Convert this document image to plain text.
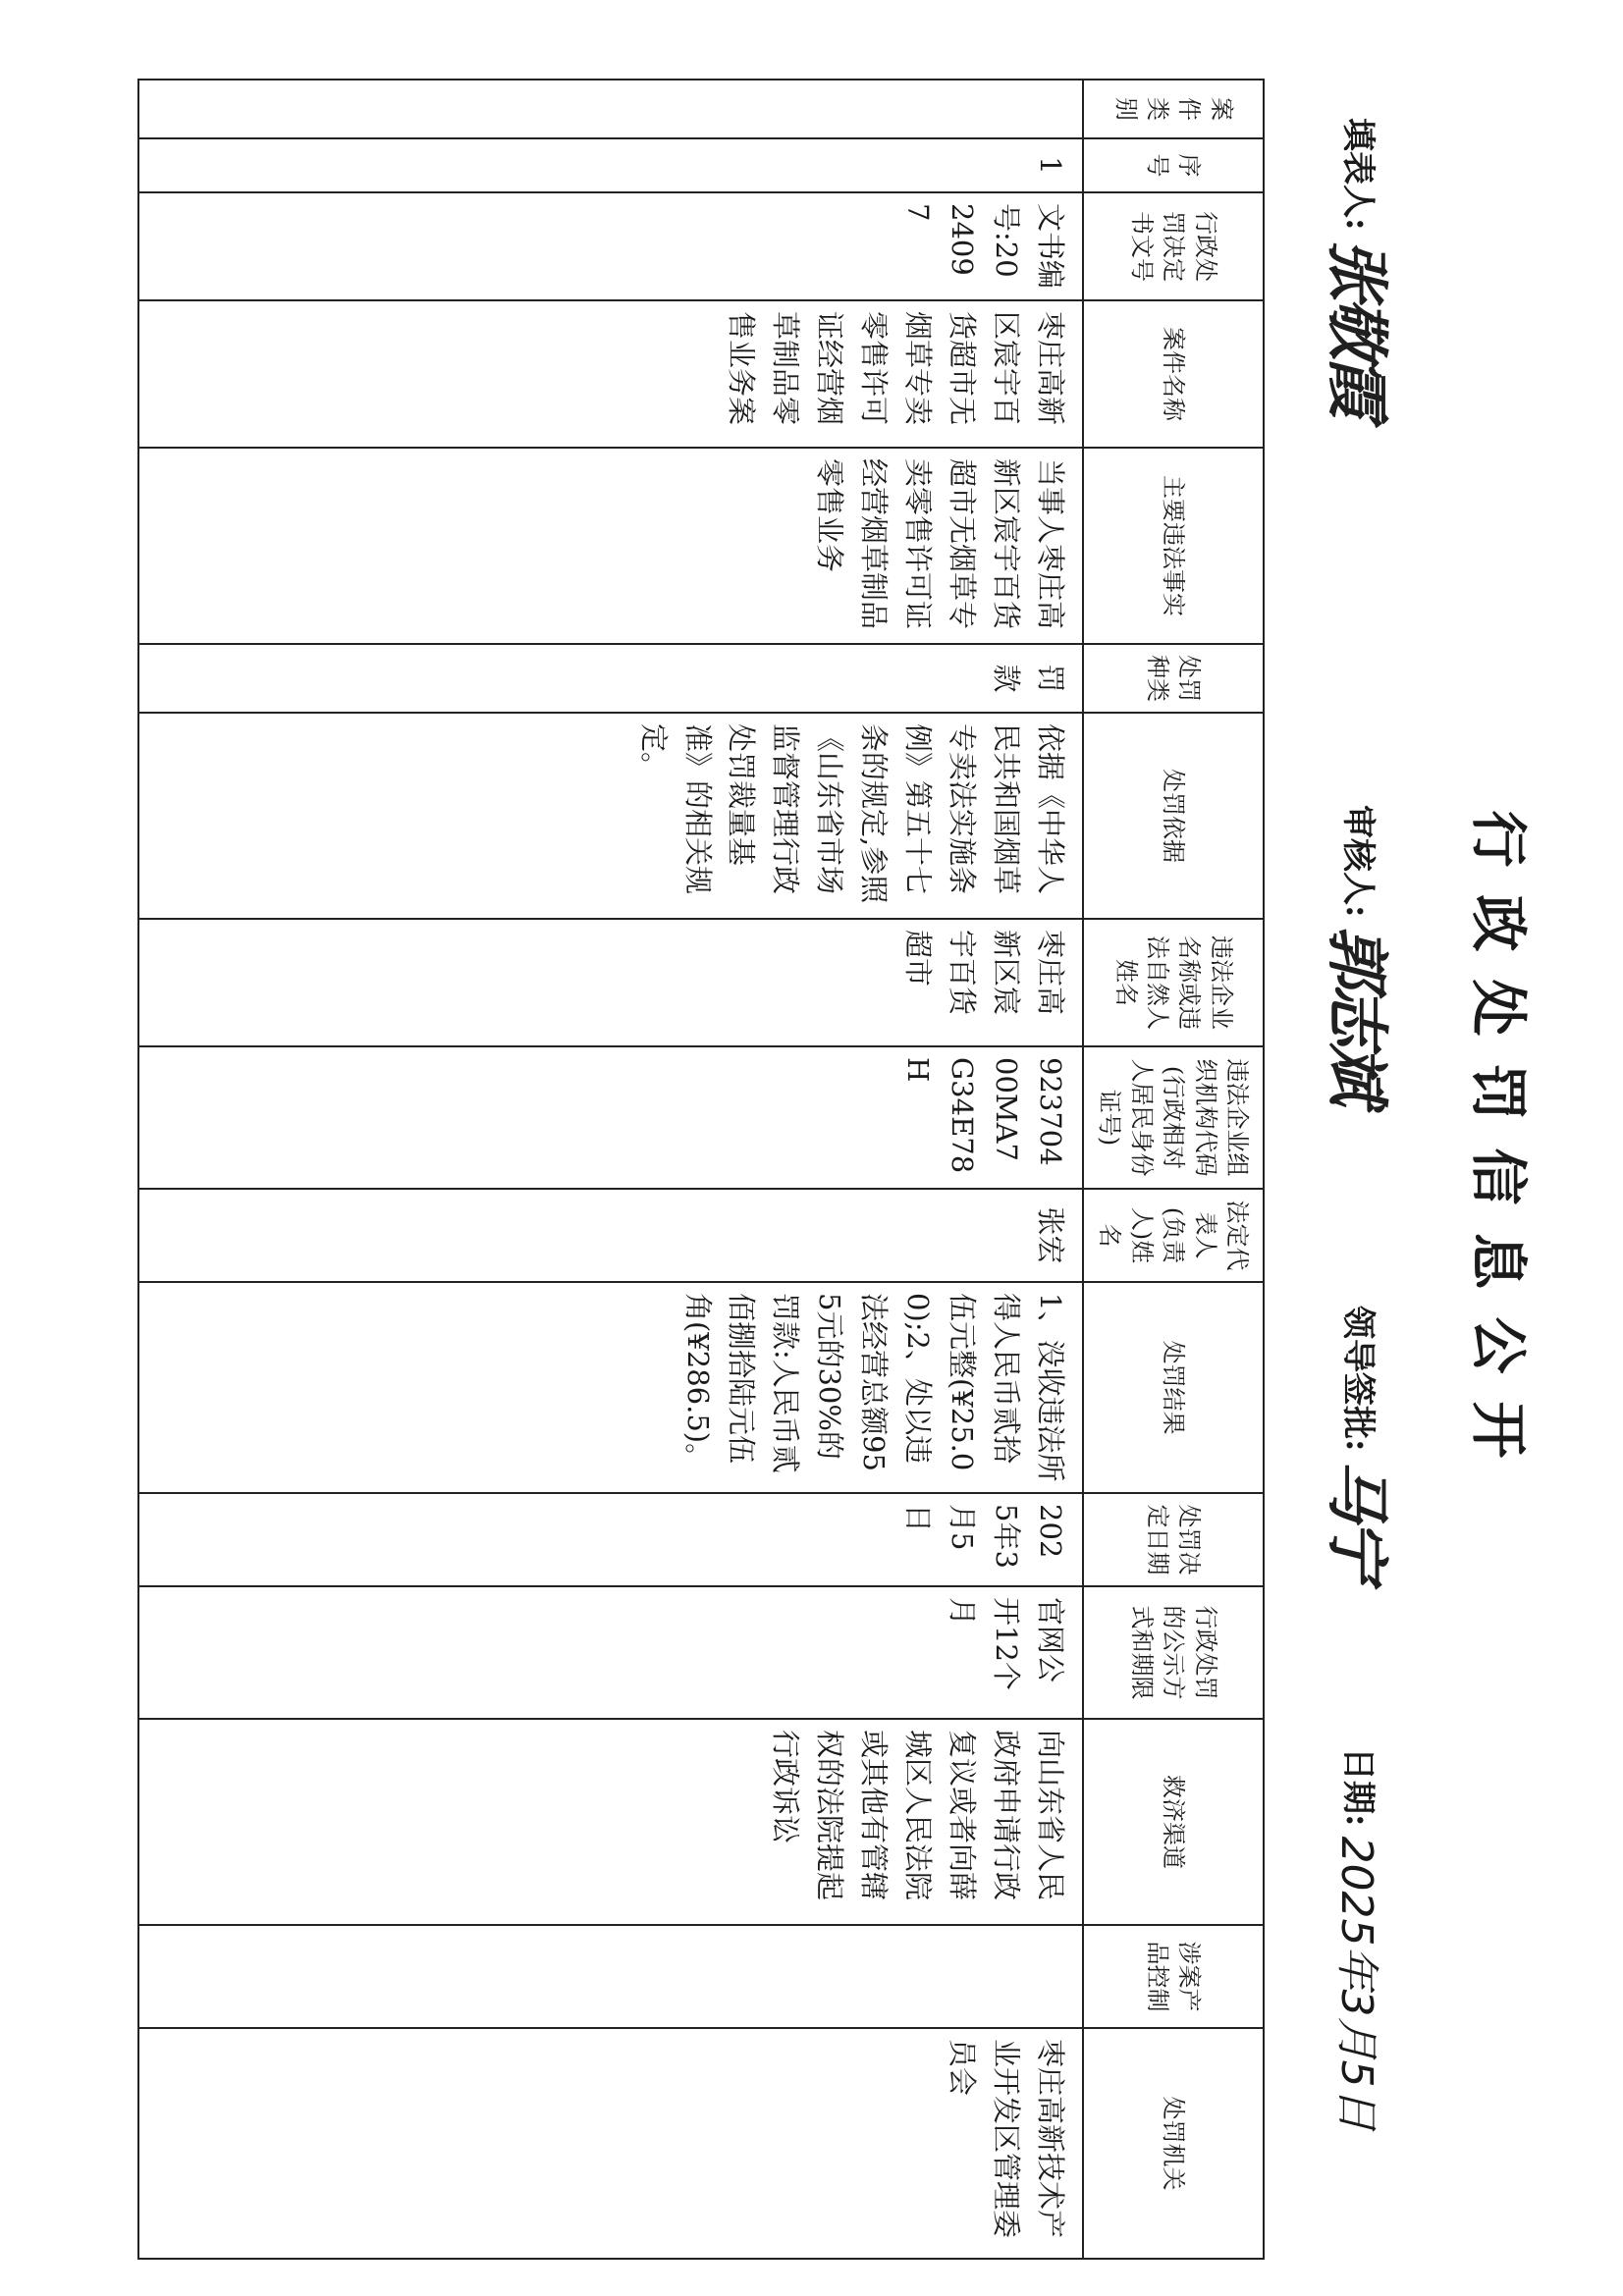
行政处罚信息公开
填表人:张敬霞
审核人:郭志斌
领导签批:马宁
日期:2025年3月5日
案件类别	序号	行政处罚决定书文号	案件名称	主要违法事实	处罚种类	处罚依据	违法企业名称或违法自然人姓名	违法企业组织机构代码(行政相对人居民身份证号)	法定代表人(负责人)姓名	处罚结果	处罚决定日期	行政处罚的公示方式和期限	救济渠道	涉案产品控制	处罚机关
	1	文书编号:2024097	枣庄高新区宸宇百货超市无烟草专卖零售许可证经营烟草制品零售业务案	当事人枣庄高新区宸宇百货超市无烟草专卖零售许可证经营烟草制品零售业务	罚款	依据《中华人民共和国烟草专卖法实施条例》第五十七条的规定,参照《山东省市场监督管理行政处罚裁量基准》的相关规定。	枣庄高新区宸宇百货超市	92370400MA7G34E78H	张宏	1、没收违法所得人民币贰拾伍元整(¥25.00);2、处以违法经营总额955元的30%的罚款:人民币贰佰捌拾陆元伍角(¥286.5)。	2025年3月5日	官网公开12个月	向山东省人民政府申请行政复议或者向薛城区人民法院或其他有管辖权的法院提起行政诉讼		枣庄高新技术产业开发区管理委员会
